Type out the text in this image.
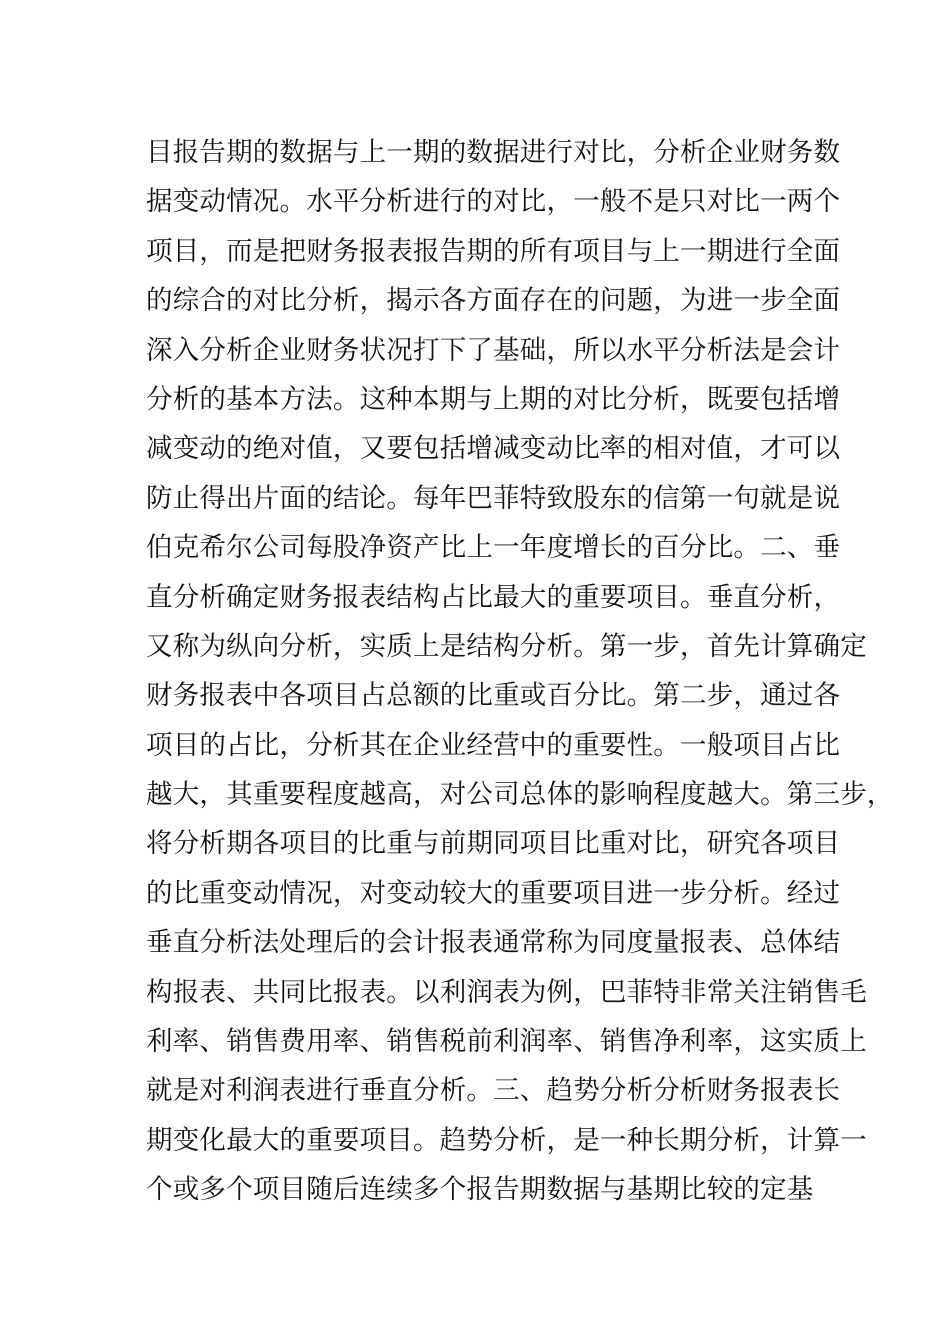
目报告期的数据与上一期的数据进行对比，分析企业财务数
据变动情况。水平分析进行的对比，一般不是只对比一两个
项目，而是把财务报表报告期的所有项目与上一期进行全面
的综合的对比分析，揭示各方面存在的问题，为进一步全面
深入分析企业财务状况打下了基础，所以水平分析法是会计
分析的基本方法。这种本期与上期的对比分析，既要包括增
减变动的绝对值，又要包括增减变动比率的相对值，才可以
防止得出片面的结论。每年巴菲特致股东的信第一句就是说
伯克希尔公司每股净资产比上一年度增长的百分比。二、垂
直分析确定财务报表结构占比最大的重要项目。垂直分析，
又称为纵向分析，实质上是结构分析。第一步，首先计算确定
财务报表中各项目占总额的比重或百分比。第二步，通过各
项目的占比，分析其在企业经营中的重要性。一般项目占比
越大，其重要程度越高，对公司总体的影响程度越大。第三步，
将分析期各项目的比重与前期同项目比重对比，研究各项目
的比重变动情况，对变动较大的重要项目进一步分析。经过
垂直分析法处理后的会计报表通常称为同度量报表、总体结
构报表、共同比报表。以利润表为例，巴菲特非常关注销售毛
利率、销售费用率、销售税前利润率、销售净利率，这实质上
就是对利润表进行垂直分析。三、趋势分析分析财务报表长
期变化最大的重要项目。趋势分析，是一种长期分析，计算一
个或多个项目随后连续多个报告期数据与基期比较的定基
